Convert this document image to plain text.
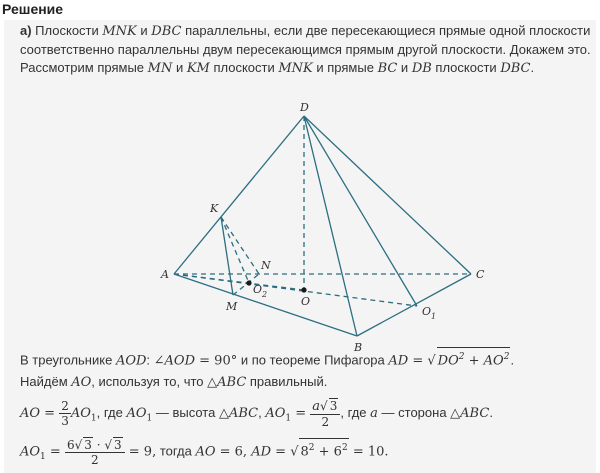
Решение
а) Плоскости MNK и DBC параллельны, если две пересекающиеся прямые одной плоскости соответственно параллельны двум пересекающимся прямым другой плоскости. Докажем это. Рассмотрим прямые MN и KM плоскости MNK и прямые BC и DB плоскости DBC.
D
K
N
A	C
O 2
O
M	O 1
B
В треугольнике AOD: ∠AOD = 90° и по теореме Пифагора AD = √ $DO^2 + AO^2$.
Найдём AO, используя то, что △ABC правильный.
AO = $\frac{2}{3} AO_1$, где $AO_1$ — высота △ABC, $AO_1 = \frac{a√ 3}{2}$ , где a — сторона △ABC.
$AO_1 = \frac{6√ 3 \cdot √ 3}{2} = 9$, тогда AO = 6, AD = √ $8^2 + 6^2 = 10$.
